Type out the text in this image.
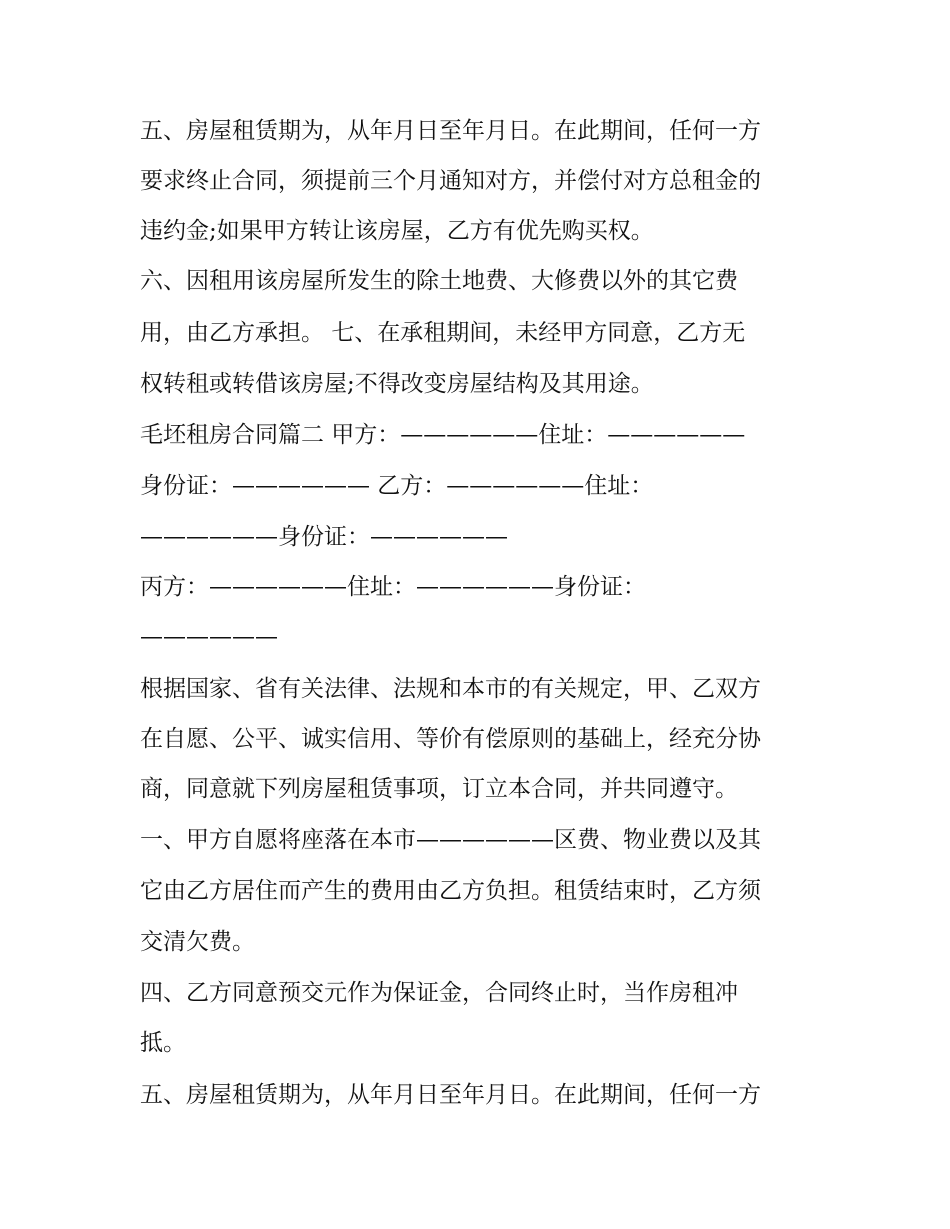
五、房屋租赁期为，从年月日至年月日。在此期间，任何一方
要求终止合同，须提前三个月通知对方，并偿付对方总租金的
违约金;如果甲方转让该房屋，乙方有优先购买权。
六、因租用该房屋所发生的除土地费、大修费以外的其它费
用，由乙方承担。 七、在承租期间，未经甲方同意，乙方无
权转租或转借该房屋;不得改变房屋结构及其用途。
毛坯租房合同篇二 甲方：——————住址：——————
身份证：—————— 乙方：——————住址：
——————身份证：——————
丙方：——————住址：——————身份证：
——————
根据国家、省有关法律、法规和本市的有关规定，甲、乙双方
在自愿、公平、诚实信用、等价有偿原则的基础上，经充分协
商，同意就下列房屋租赁事项，订立本合同，并共同遵守。
一、甲方自愿将座落在本市——————区费、物业费以及其
它由乙方居住而产生的费用由乙方负担。租赁结束时，乙方须
交清欠费。
四、乙方同意预交元作为保证金，合同终止时，当作房租冲
抵。
五、房屋租赁期为，从年月日至年月日。在此期间，任何一方
